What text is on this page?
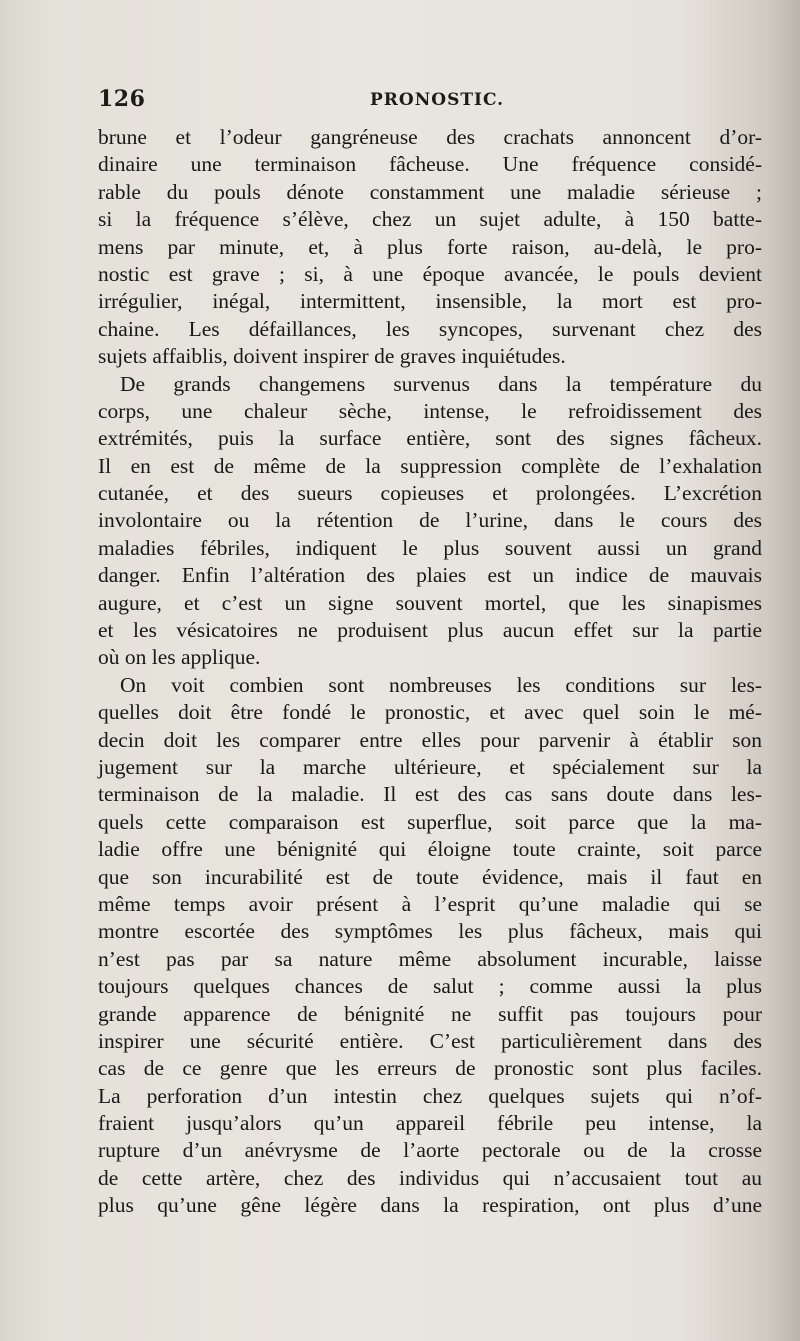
126	PRONOSTIC.
brune et l’odeur gangréneuse des crachats annoncent d’or-
dinaire une terminaison fâcheuse. Une fréquence considé-
rable du pouls dénote constamment une maladie sérieuse ;
si la fréquence s’élève, chez un sujet adulte, à 150 batte-
mens par minute, et, à plus forte raison, au-delà, le pro-
nostic est grave ; si, à une époque avancée, le pouls devient
irrégulier, inégal, intermittent, insensible, la mort est pro-
chaine. Les défaillances, les syncopes, survenant chez des
sujets affaiblis, doivent inspirer de graves inquiétudes.
De grands changemens survenus dans la température du
corps, une chaleur sèche, intense, le refroidissement des
extrémités, puis la surface entière, sont des signes fâcheux.
Il en est de même de la suppression complète de l’exhalation
cutanée, et des sueurs copieuses et prolongées. L’excrétion
involontaire ou la rétention de l’urine, dans le cours des
maladies fébriles, indiquent le plus souvent aussi un grand
danger. Enfin l’altération des plaies est un indice de mauvais
augure, et c’est un signe souvent mortel, que les sinapismes
et les vésicatoires ne produisent plus aucun effet sur la partie
où on les applique.
On voit combien sont nombreuses les conditions sur les-
quelles doit être fondé le pronostic, et avec quel soin le mé-
decin doit les comparer entre elles pour parvenir à établir son
jugement sur la marche ultérieure, et spécialement sur la
terminaison de la maladie. Il est des cas sans doute dans les-
quels cette comparaison est superflue, soit parce que la ma-
ladie offre une bénignité qui éloigne toute crainte, soit parce
que son incurabilité est de toute évidence, mais il faut en
même temps avoir présent à l’esprit qu’une maladie qui se
montre escortée des symptômes les plus fâcheux, mais qui
n’est pas par sa nature même absolument incurable, laisse
toujours quelques chances de salut ; comme aussi la plus
grande apparence de bénignité ne suffit pas toujours pour
inspirer une sécurité entière. C’est particulièrement dans des
cas de ce genre que les erreurs de pronostic sont plus faciles.
La perforation d’un intestin chez quelques sujets qui n’of-
fraient jusqu’alors qu’un appareil fébrile peu intense, la
rupture d’un anévrysme de l’aorte pectorale ou de la crosse
de cette artère, chez des individus qui n’accusaient tout au
plus qu’une gêne légère dans la respiration, ont plus d’une
